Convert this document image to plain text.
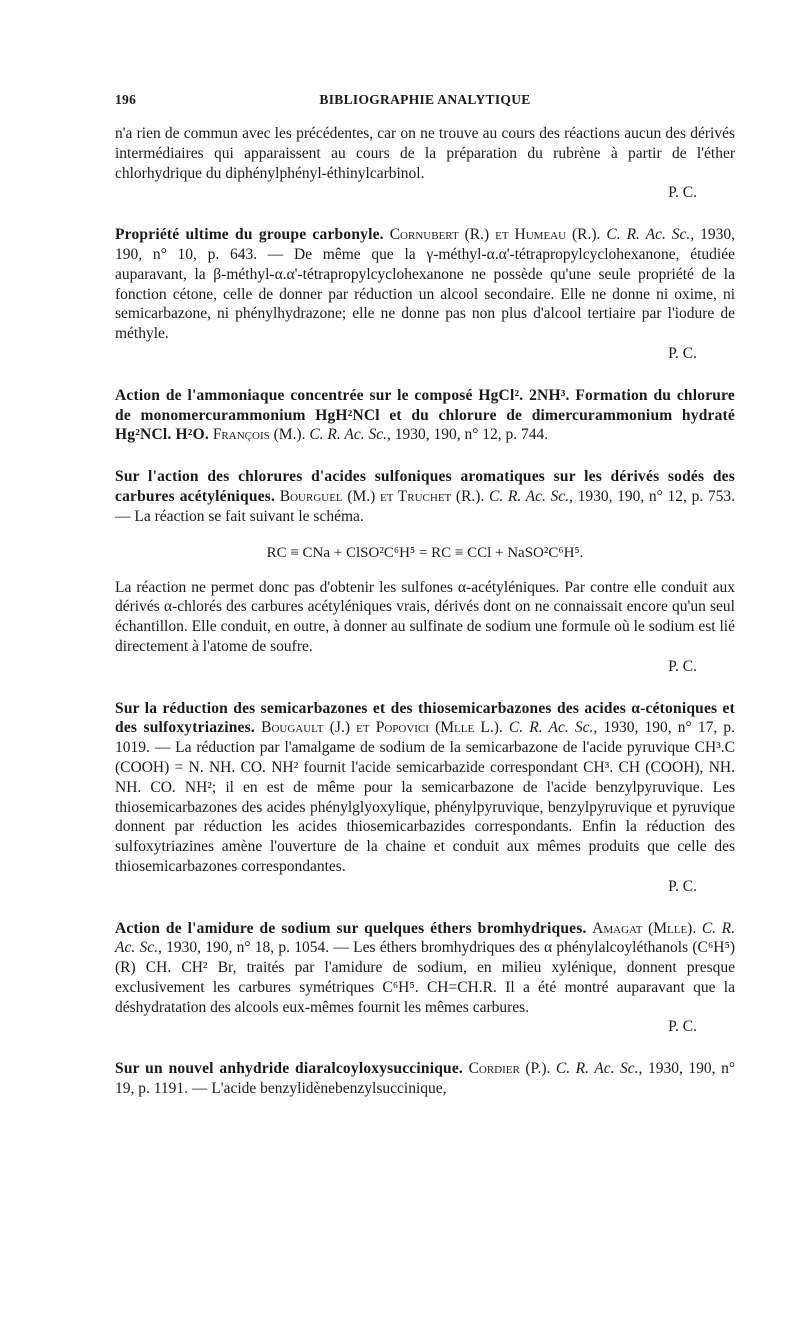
196	BIBLIOGRAPHIE ANALYTIQUE

n'a rien de commun avec les précédentes, car on ne trouve au cours des réactions aucun des dérivés intermédiaires qui apparaissent au cours de la préparation du rubrène à partir de l'éther chlorhydrique du diphénylphényl-éthinylcarbinol.

P. C.

Propriété ultime du groupe carbonyle. Cornubert (R.) et Humeau (R.). C. R. Ac. Sc., 1930, 190, n° 10, p. 643. — De même que la γ-méthyl-α.α'-tétrapropylcyclohexanone, étudiée auparavant, la β-méthyl-α.α'-tétrapropylcyclohexanone ne possède qu'une seule propriété de la fonction cétone, celle de donner par réduction un alcool secondaire. Elle ne donne ni oxime, ni semicarbazone, ni phénylhydrazone; elle ne donne pas non plus d'alcool tertiaire par l'iodure de méthyle.

P. C.

Action de l'ammoniaque concentrée sur le composé HgCl². 2NH³. Formation du chlorure de monomercurammonium HgH²NCl et du chlorure de dimercurammonium hydraté Hg²NCl. H²O. François (M.). C. R. Ac. Sc., 1930, 190, n° 12, p. 744.

Sur l'action des chlorures d'acides sulfoniques aromatiques sur les dérivés sodés des carbures acétyléniques. Bourguel (M.) et Truchet (R.). C. R. Ac. Sc., 1930, 190, n° 12, p. 753. — La réaction se fait suivant le schéma.

RC ≡ CNa + ClSO²C⁶H⁵ = RC ≡ CCl + NaSO²C⁶H⁵.

La réaction ne permet donc pas d'obtenir les sulfones α-acétyléniques. Par contre elle conduit aux dérivés α-chlorés des carbures acétyléniques vrais, dérivés dont on ne connaissait encore qu'un seul échantillon. Elle conduit, en outre, à donner au sulfinate de sodium une formule où le sodium est lié directement à l'atome de soufre.

P. C.

Sur la réduction des semicarbazones et des thiosemicarbazones des acides α-cétoniques et des sulfoxytriazines. Bougault (J.) et Popovici (Mlle L.). C. R. Ac. Sc., 1930, 190, n° 17, p. 1019. — La réduction par l'amalgame de sodium de la semicarbazone de l'acide pyruvique CH³.C (COOH) = N. NH. CO. NH² fournit l'acide semicarbazide correspondant CH³. CH (COOH), NH. NH. CO. NH²; il en est de même pour la semicarbazone de l'acide benzylpyruvique. Les thiosemicarbazones des acides phénylglyoxylique, phénylpyruvique, benzylpyruvique et pyruvique donnent par réduction les acides thiosemicarbazides correspondants. Enfin la réduction des sulfoxytriazines amène l'ouverture de la chaine et conduit aux mêmes produits que celle des thiosemicarbazones correspondantes.

P. C.

Action de l'amidure de sodium sur quelques éthers bromhydriques. Amagat (Mlle). C. R. Ac. Sc., 1930, 190, n° 18, p. 1054. — Les éthers bromhydriques des α phénylalcoyléthanols (C⁶H⁵) (R) CH. CH² Br, traités par l'amidure de sodium, en milieu xylénique, donnent presque exclusivement les carbures symétriques C⁶H⁵. CH=CH.R. Il a été montré auparavant que la déshydratation des alcools eux-mêmes fournit les mêmes carbures.

P. C.

Sur un nouvel anhydride diaralcoyloxysuccinique. Cordier (P.). C. R. Ac. Sc., 1930, 190, n° 19, p. 1191. — L'acide benzylidènebenzylsuccinique,
